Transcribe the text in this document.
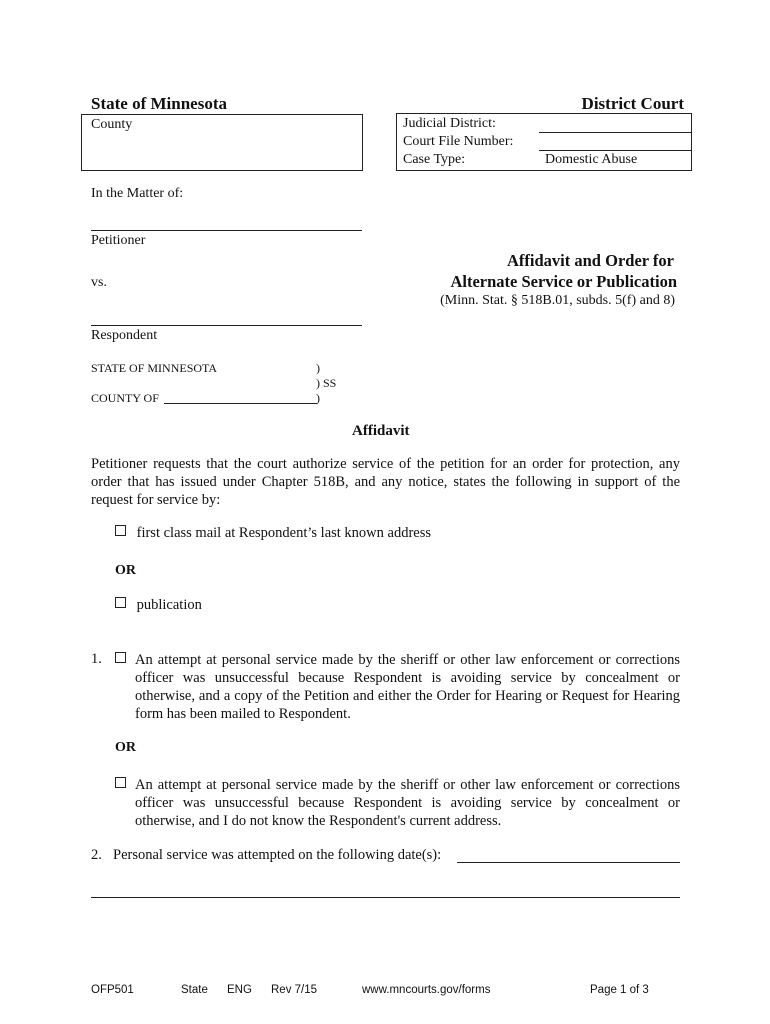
State of Minnesota	District Court
County	Judicial District:
Court File Number:
Case Type:	Domestic Abuse
In the Matter of:
Petitioner
vs.
Respondent
Affidavit and Order for
Alternate Service or Publication
(Minn. Stat. § 518B.01, subds. 5(f) and 8)
STATE OF MINNESOTA
COUNTY OF
)
) SS
)
Affidavit
Petitioner requests that the court authorize service of the petition for an order for protection, any order that has issued under Chapter 518B, and any notice, states the following in support of the request for service by:
first class mail at Respondent’s last known address
OR
publication
1. An attempt at personal service made by the sheriff or other law enforcement or corrections officer was unsuccessful because Respondent is avoiding service by concealment or otherwise, and a copy of the Petition and either the Order for Hearing or Request for Hearing form has been mailed to Respondent.
OR
An attempt at personal service made by the sheriff or other law enforcement or corrections officer was unsuccessful because Respondent is avoiding service by concealment or otherwise, and I do not know the Respondent's current address.
2. Personal service was attempted on the following date(s):
OFP501	State ENG Rev 7/15	www.mncourts.gov/forms	Page 1 of 3
